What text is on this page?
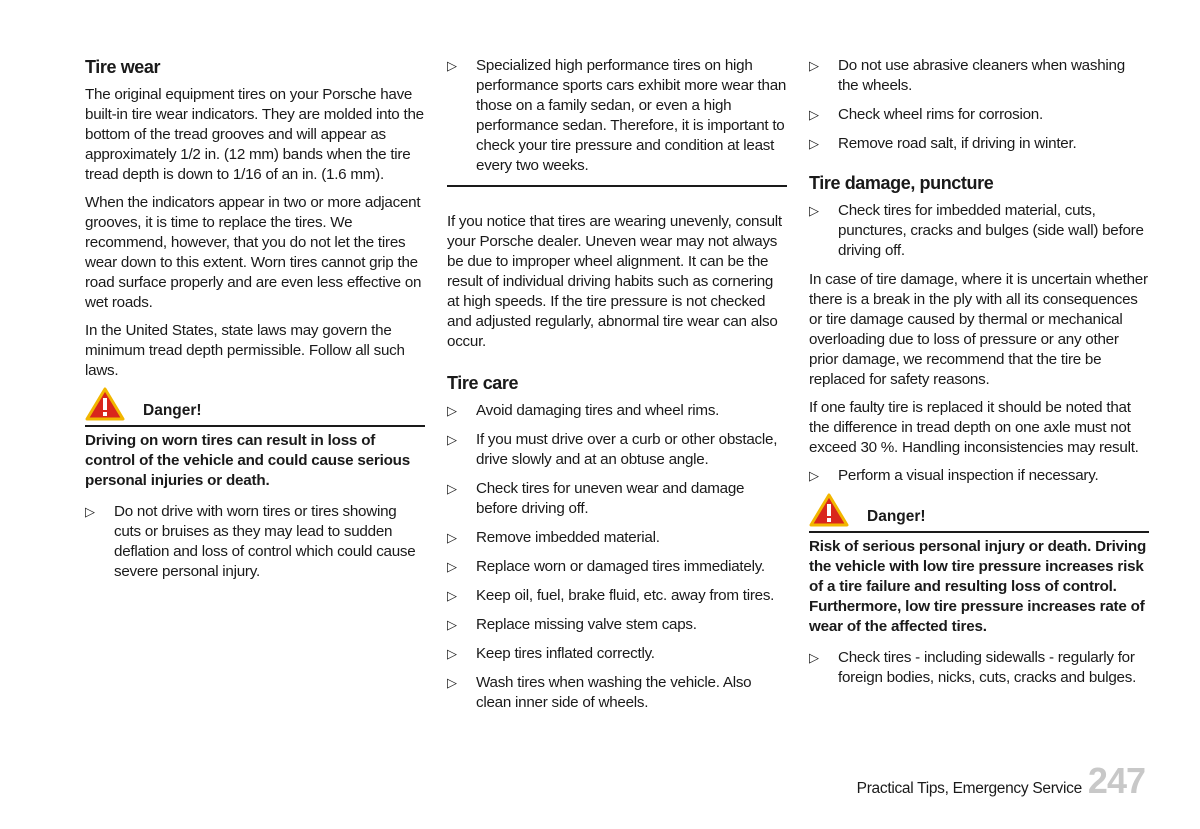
Tire wear

The original equipment tires on your Porsche have built-in tire wear indicators. They are molded into the bottom of the tread grooves and will appear as approximately 1/2 in. (12 mm) bands when the tire tread depth is down to 1/16 of an in. (1.6 mm).

When the indicators appear in two or more adjacent grooves, it is time to replace the tires. We recommend, however, that you do not let the tires wear down to this extent. Worn tires cannot grip the road surface properly and are even less effective on wet roads.

In the United States, state laws may govern the minimum tread depth permissible. Follow all such laws.

Danger!

Driving on worn tires can result in loss of control of the vehicle and could cause serious personal injuries or death.

▷ Do not drive with worn tires or tires showing cuts or bruises as they may lead to sudden deflation and loss of control which could cause severe personal injury.
▷ Specialized high performance tires on high performance sports cars exhibit more wear than those on a family sedan, or even a high performance sedan. Therefore, it is important to check your tire pressure and condition at least every two weeks.

If you notice that tires are wearing unevenly, consult your Porsche dealer. Uneven wear may not always be due to improper wheel alignment. It can be the result of individual driving habits such as cornering at high speeds. If the tire pressure is not checked and adjusted regularly, abnormal tire wear can also occur.

Tire care
▷ Avoid damaging tires and wheel rims.
▷ If you must drive over a curb or other obstacle, drive slowly and at an obtuse angle.
▷ Check tires for uneven wear and damage before driving off.
▷ Remove imbedded material.
▷ Replace worn or damaged tires immediately.
▷ Keep oil, fuel, brake fluid, etc. away from tires.
▷ Replace missing valve stem caps.
▷ Keep tires inflated correctly.
▷ Wash tires when washing the vehicle. Also clean inner side of wheels.
▷ Do not use abrasive cleaners when washing the wheels.
▷ Check wheel rims for corrosion.
▷ Remove road salt, if driving in winter.
Tire damage, puncture
▷ Check tires for imbedded material, cuts, punctures, cracks and bulges (side wall) before driving off.

In case of tire damage, where it is uncertain whether there is a break in the ply with all its consequences or tire damage caused by thermal or mechanical overloading due to loss of pressure or any other prior damage, we recommend that the tire be replaced for safety reasons.

If one faulty tire is replaced it should be noted that the difference in tread depth on one axle must not exceed 30 %. Handling inconsistencies may result.

▷ Perform a visual inspection if necessary.
Danger!

Risk of serious personal injury or death. Driving the vehicle with low tire pressure increases risk of a tire failure and resulting loss of control. Furthermore, low tire pressure increases rate of wear of the affected tires.

▷ Check tires - including sidewalls - regularly for foreign bodies, nicks, cuts, cracks and bulges.
Practical Tips, Emergency Service 247
